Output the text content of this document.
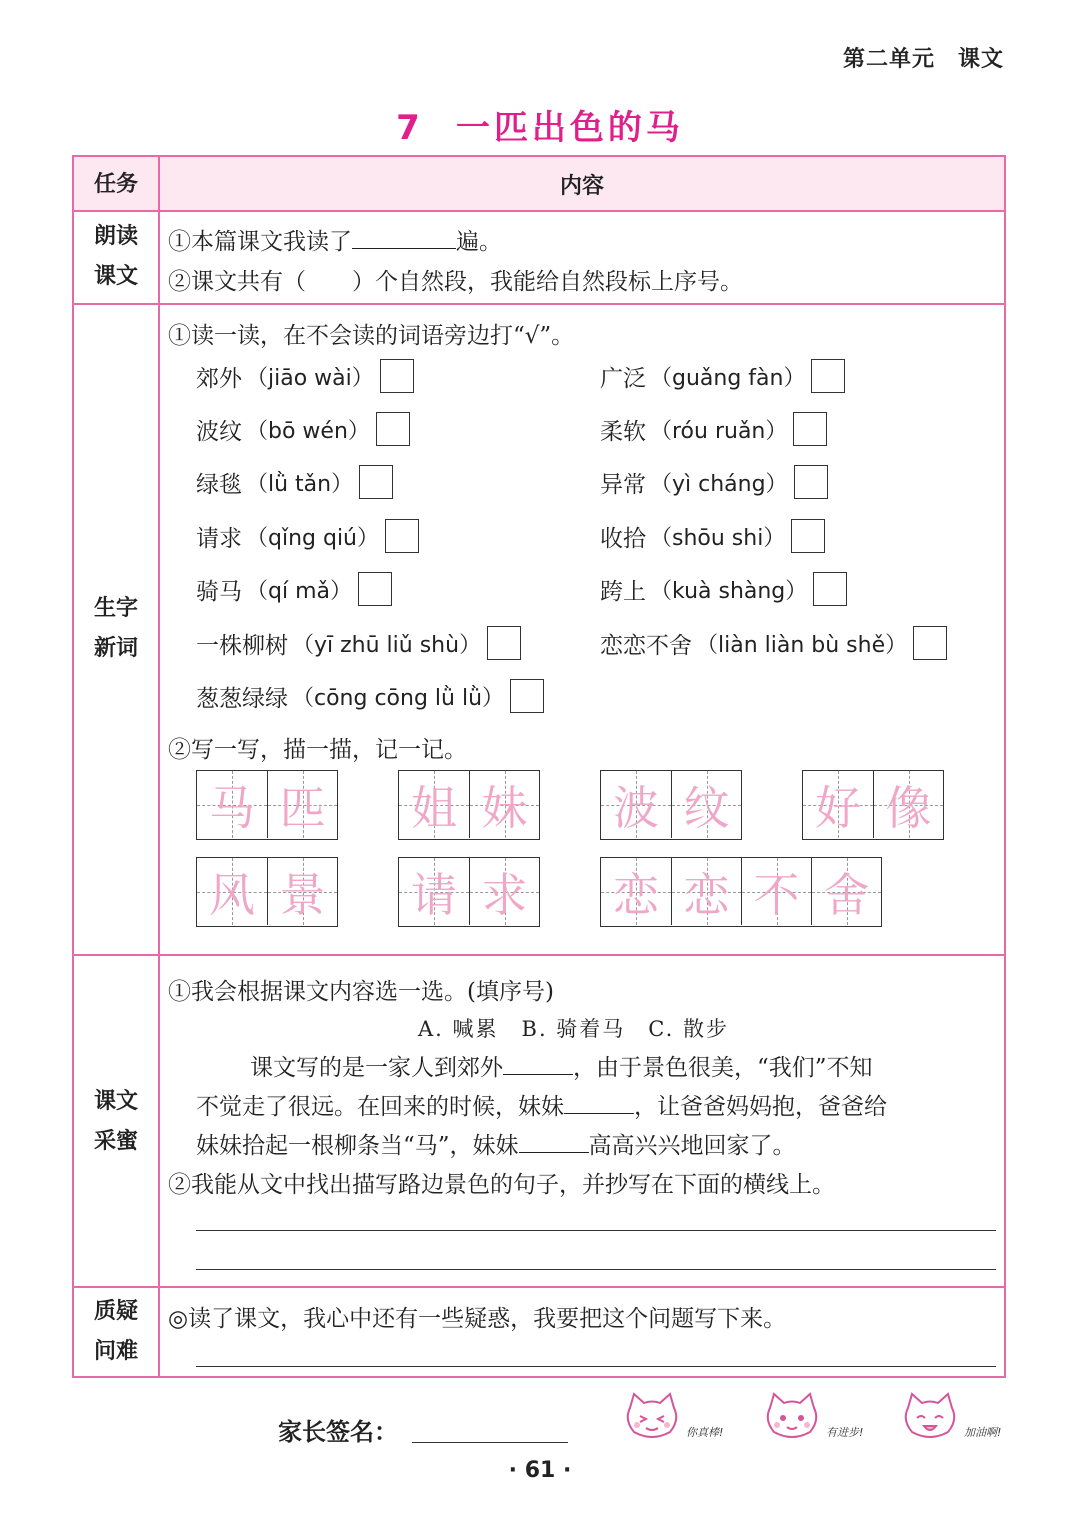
第二单元　课文
7 一匹出色的马
任务	内容
朗读
课文
①本篇课文我读了	遍。
②课文共有（　　）个自然段，我能给自然段标上序号。
生字
新词
①读一读，在不会读的词语旁边打“√”。
郊外 （jiāo wài）	广泛 （guǎng fàn）
波纹 （bō wén）	柔软 （róu ruǎn）
绿毯 （lǜ tǎn）	异常 （yì cháng）
请求 （qǐng qiú）	收拾 （shōu shi）
骑马 （qí mǎ）	跨上 （kuà shàng）
一株柳树 （yī zhū liǔ shù）	恋恋不舍 （liàn liàn bù shě）
葱葱绿绿 （cōng cōng lǜ lǜ）
②写一写，描一描，记一记。
马 匹 姐 妹 波 纹 好 像
风 景 请 求 恋 恋 不 舍
课文
采蜜
①我会根据课文内容选一选。(填序号)
A. 喊累　B. 骑着马　C. 散步
课文写的是一家人到郊外	，由于景色很美，“我们”不知
不觉走了很远。在回来的时候，妹妹	，让爸爸妈妈抱，爸爸给
妹妹拾起一根柳条当“马”，妹妹	高高兴兴地回家了。
②我能从文中找出描写路边景色的句子，并抄写在下面的横线上。
质疑
问难
◎读了课文，我心中还有一些疑惑，我要把这个问题写下来。
家长签名：	你真棒!	有进步!	加油啊!
· 61 ·
